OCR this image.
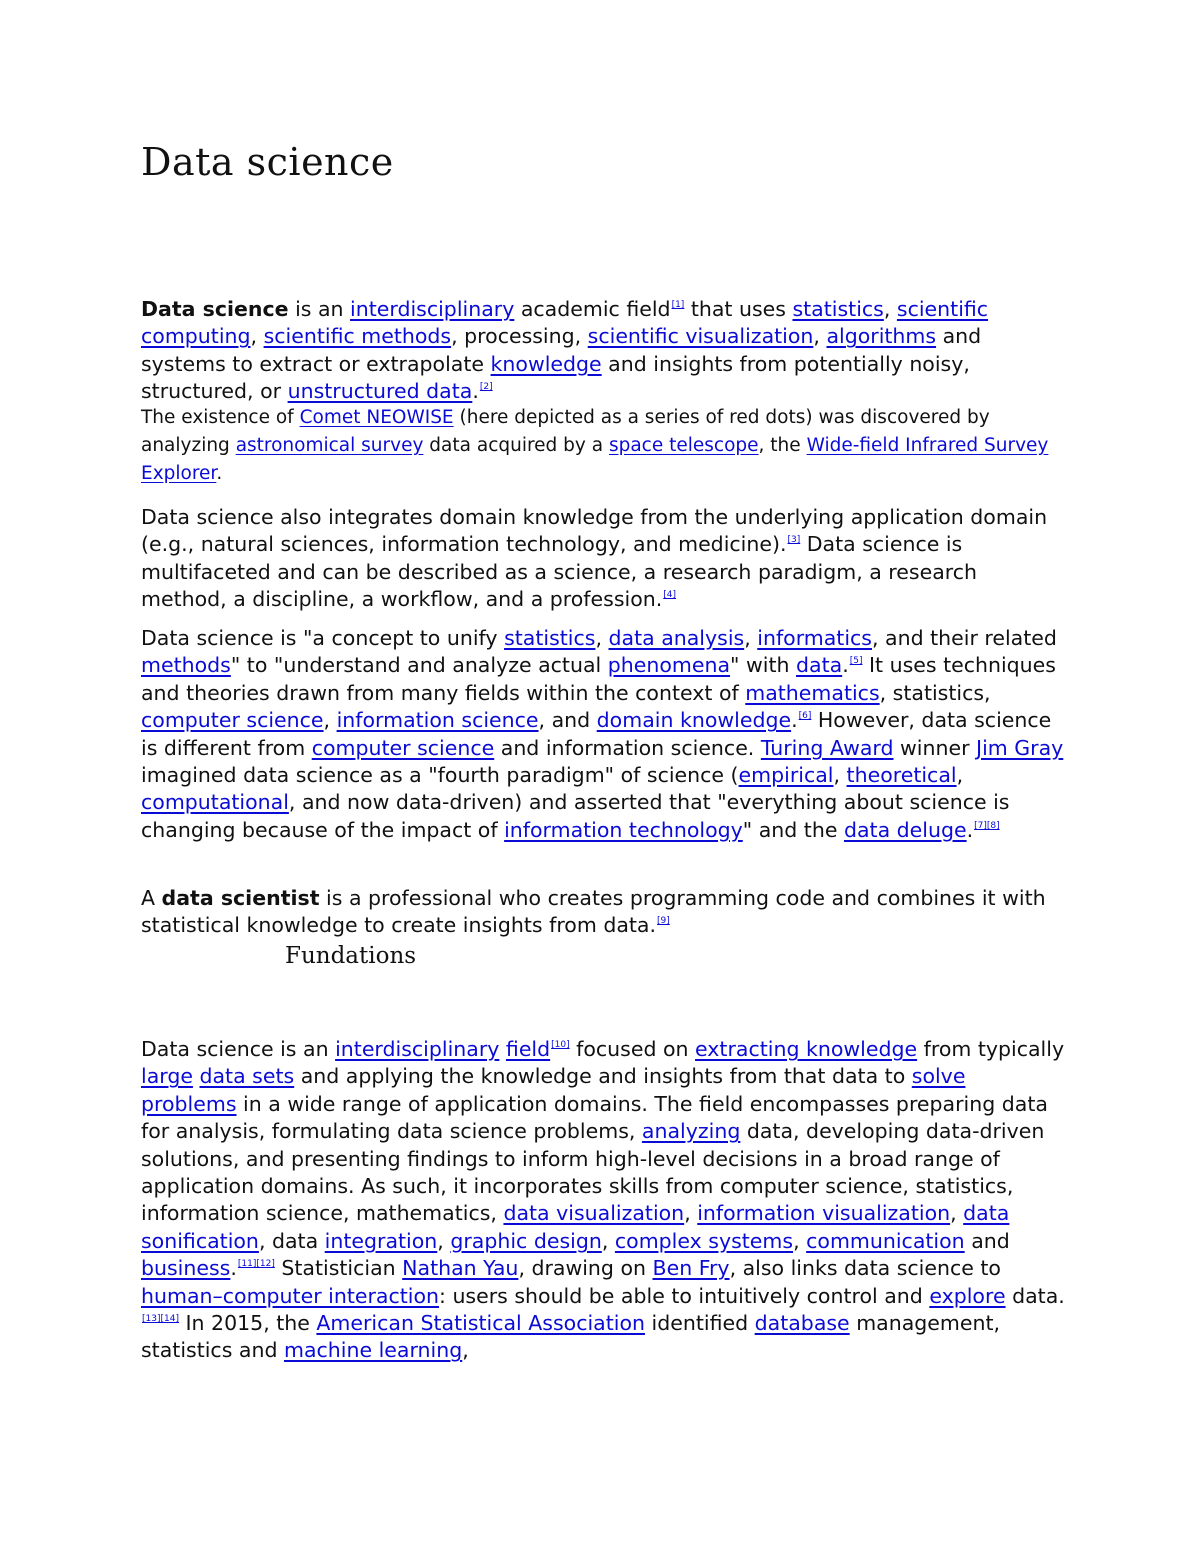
Data science

Data science is an interdisciplinary academic field[1] that uses statistics, scientific computing, scientific methods, processing, scientific visualization, algorithms and systems to extract or extrapolate knowledge and insights from potentially noisy, structured, or unstructured data.[2]

The existence of Comet NEOWISE (here depicted as a series of red dots) was discovered by analyzing astronomical survey data acquired by a space telescope, the Wide-field Infrared Survey Explorer.

Data science also integrates domain knowledge from the underlying application domain (e.g., natural sciences, information technology, and medicine).[3] Data science is multifaceted and can be described as a science, a research paradigm, a research method, a discipline, a workflow, and a profession.[4]

Data science is "a concept to unify statistics, data analysis, informatics, and their related methods" to "understand and analyze actual phenomena" with data.[5] It uses techniques and theories drawn from many fields within the context of mathematics, statistics, computer science, information science, and domain knowledge.[6] However, data science is different from computer science and information science. Turing Award winner Jim Gray imagined data science as a "fourth paradigm" of science (empirical, theoretical, computational, and now data-driven) and asserted that "everything about science is changing because of the impact of information technology" and the data deluge.[7][8]

A data scientist is a professional who creates programming code and combines it with statistical knowledge to create insights from data.[9]

Fundations

Data science is an interdisciplinary field[10] focused on extracting knowledge from typically large data sets and applying the knowledge and insights from that data to solve problems in a wide range of application domains. The field encompasses preparing data for analysis, formulating data science problems, analyzing data, developing data-driven solutions, and presenting findings to inform high-level decisions in a broad range of application domains. As such, it incorporates skills from computer science, statistics, information science, mathematics, data visualization, information visualization, data sonification, data integration, graphic design, complex systems, communication and business.[11][12] Statistician Nathan Yau, drawing on Ben Fry, also links data science to human–computer interaction: users should be able to intuitively control and explore data.[13][14] In 2015, the American Statistical Association identified database management, statistics and machine learning,
